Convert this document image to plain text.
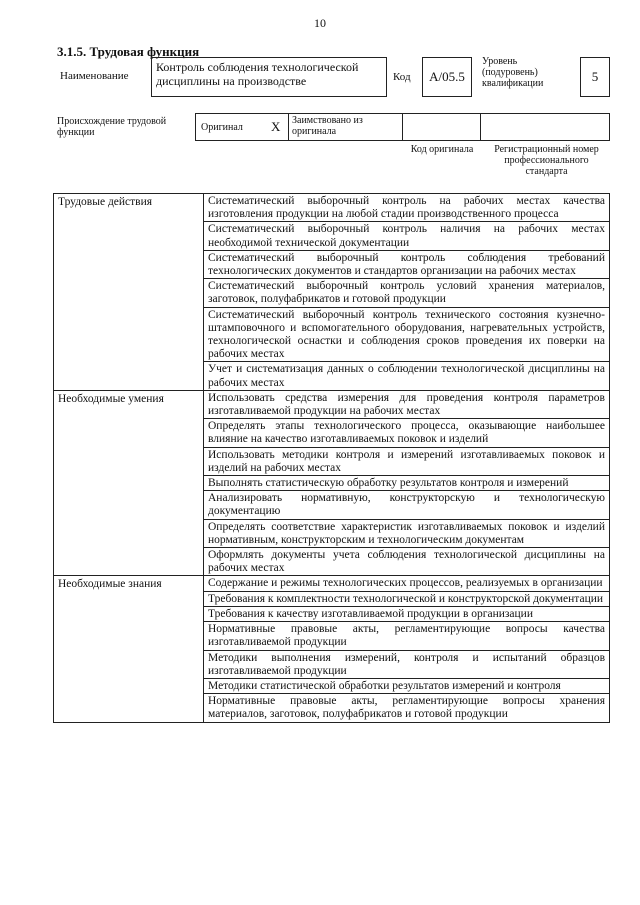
10
3.1.5. Трудовая функция
Наименование
Контроль соблюдения технологической дисциплины на производстве	Код А/05.5
Уровень (подуровень) квалификации	5
Происхождение трудовой функции	Оригинал Х Заимствовано из оригинала
Код оригинала	Регистрационный номер профессионального стандарта
Трудовые действия	Систематический выборочный контроль на рабочих местах качества изготовления продукции на любой стадии производственного процесса
	Систематический выборочный контроль наличия на рабочих местах необходимой технической документации
	Систематический выборочный контроль соблюдения требований технологических документов и стандартов организации на рабочих местах
	Систематический выборочный контроль условий хранения материалов, заготовок, полуфабрикатов и готовой продукции
	Систематический выборочный контроль технического состояния кузнечно-штамповочного и вспомогательного оборудования, нагревательных устройств, технологической оснастки и соблюдения сроков проведения их поверки на рабочих местах
	Учет и систематизация данных о соблюдении технологической дисциплины на рабочих местах
Необходимые умения	Использовать средства измерения для проведения контроля параметров изготавливаемой продукции на рабочих местах
	Определять этапы технологического процесса, оказывающие наибольшее влияние на качество изготавливаемых поковок и изделий
	Использовать методики контроля и измерений изготавливаемых поковок и изделий на рабочих местах
	Выполнять статистическую обработку результатов контроля и измерений
	Анализировать нормативную, конструкторскую и технологическую документацию
	Определять соответствие характеристик изготавливаемых поковок и изделий нормативным, конструкторским и технологическим документам
	Оформлять документы учета соблюдения технологической дисциплины на рабочих местах
Необходимые знания	Содержание и режимы технологических процессов, реализуемых в организации
	Требования к комплектности технологической и конструкторской документации
	Требования к качеству изготавливаемой продукции в организации
	Нормативные правовые акты, регламентирующие вопросы качества изготавливаемой продукции
	Методики выполнения измерений, контроля и испытаний образцов изготавливаемой продукции
	Методики статистической обработки результатов измерений и контроля
	Нормативные правовые акты, регламентирующие вопросы хранения материалов, заготовок, полуфабрикатов и готовой продукции
